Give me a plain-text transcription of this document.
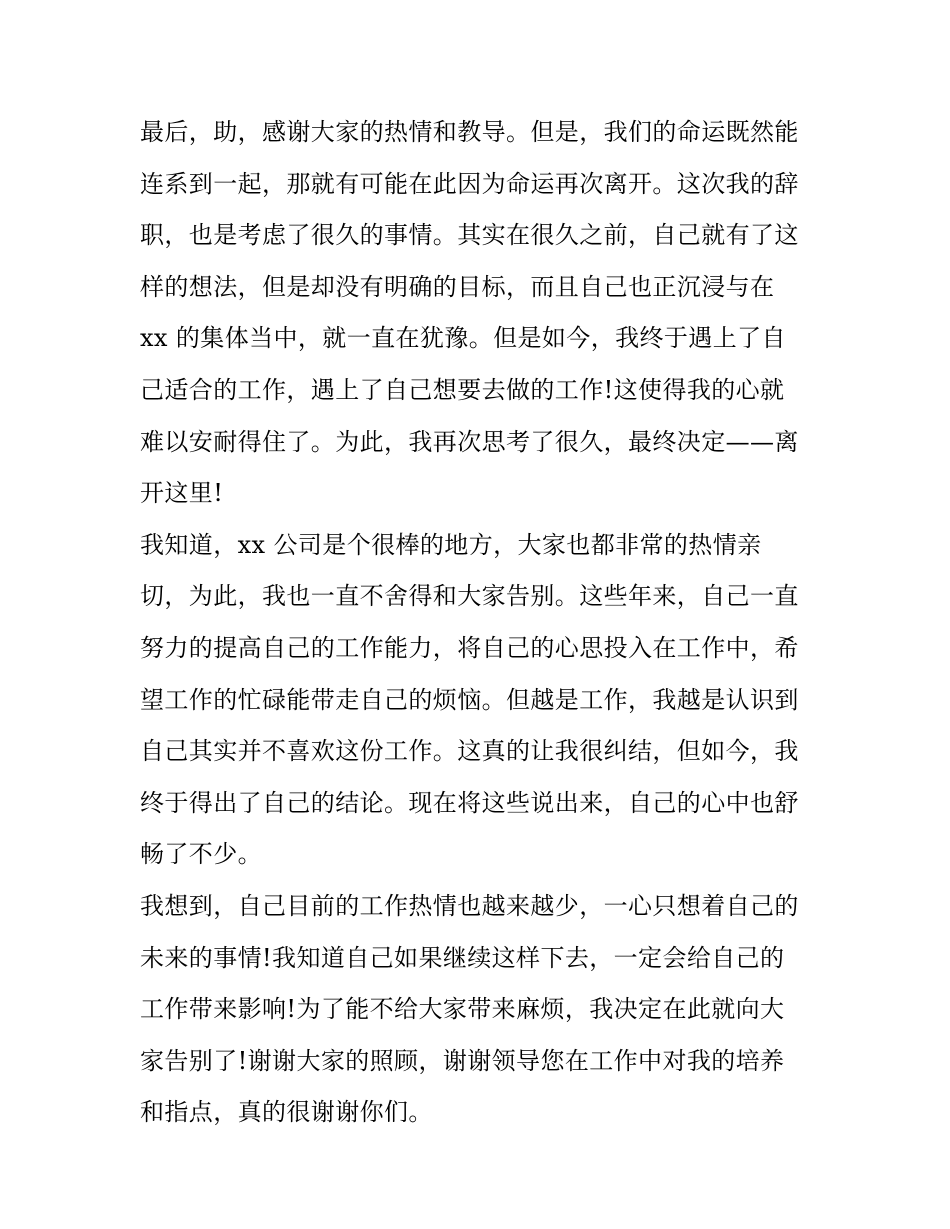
最后，助，感谢大家的热情和教导。但是，我们的命运既然能
连系到一起，那就有可能在此因为命运再次离开。这次我的辞
职，也是考虑了很久的事情。其实在很久之前，自己就有了这
样的想法，但是却没有明确的目标，而且自己也正沉浸与在
xx 的集体当中，就一直在犹豫。但是如今，我终于遇上了自
己适合的工作，遇上了自己想要去做的工作!这使得我的心就
难以安耐得住了。为此，我再次思考了很久，最终决定——离
开这里!
我知道，xx 公司是个很棒的地方，大家也都非常的热情亲
切，为此，我也一直不舍得和大家告别。这些年来，自己一直
努力的提高自己的工作能力，将自己的心思投入在工作中，希
望工作的忙碌能带走自己的烦恼。但越是工作，我越是认识到
自己其实并不喜欢这份工作。这真的让我很纠结，但如今，我
终于得出了自己的结论。现在将这些说出来，自己的心中也舒
畅了不少。
我想到，自己目前的工作热情也越来越少，一心只想着自己的
未来的事情!我知道自己如果继续这样下去，一定会给自己的
工作带来影响!为了能不给大家带来麻烦，我决定在此就向大
家告别了!谢谢大家的照顾，谢谢领导您在工作中对我的培养
和指点，真的很谢谢你们。
